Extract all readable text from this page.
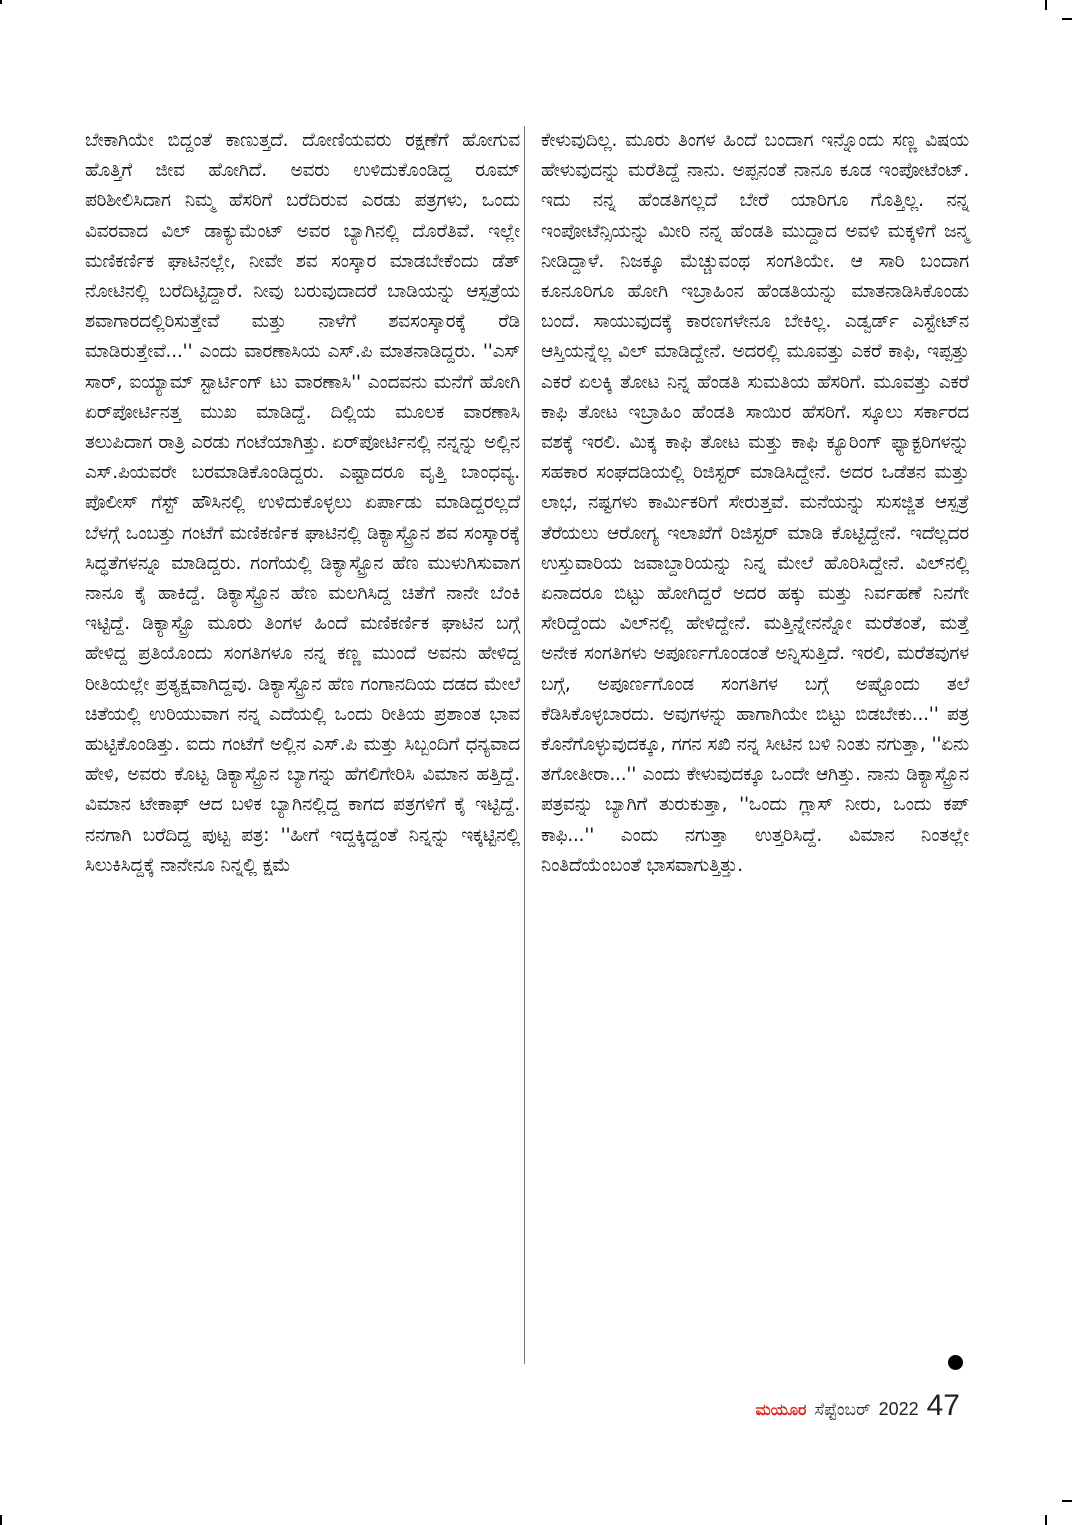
ಬೇಕಾಗಿಯೇ ಬಿದ್ದಂತೆ ಕಾಣುತ್ತದೆ. ದೋಣಿಯವರು ರಕ್ಷಣೆಗೆ ಹೋಗುವ ಹೊತ್ತಿಗೆ ಜೀವ ಹೋಗಿದೆ. ಅವರು ಉಳಿದುಕೊಂಡಿದ್ದ ರೂಮ್ ಪರಿಶೀಲಿಸಿದಾಗ ನಿಮ್ಮ ಹೆಸರಿಗೆ ಬರೆದಿರುವ ಎರಡು ಪತ್ರಗಳು, ಒಂದು ವಿವರವಾದ ವಿಲ್ ಡಾಕ್ಯುಮೆಂಟ್ ಅವರ ಬ್ಯಾಗಿನಲ್ಲಿ ದೊರೆತಿವೆ. ಇಲ್ಲೇ ಮಣಿಕರ್ಣಿಕ ಘಾಟಿನಲ್ಲೇ, ನೀವೇ ಶವ ಸಂಸ್ಕಾರ ಮಾಡಬೇಕೆಂದು ಡೆತ್ ನೋಟಿನಲ್ಲಿ ಬರೆದಿಟ್ಟಿದ್ದಾರೆ. ನೀವು ಬರುವುದಾದರೆ ಬಾಡಿಯನ್ನು ಆಸ್ಪತ್ರೆಯ ಶವಾಗಾರದಲ್ಲಿರಿಸುತ್ತೇವೆ ಮತ್ತು ನಾಳೆಗೆ ಶವಸಂಸ್ಕಾರಕ್ಕೆ ರೆಡಿ ಮಾಡಿರುತ್ತೇವೆ...'' ಎಂದು ವಾರಣಾಸಿಯ ಎಸ್.ಪಿ ಮಾತನಾಡಿದ್ದರು. ''ಎಸ್ ಸಾರ್, ಐಯ್ಯಾಮ್ ಸ್ಟಾರ್ಟಿಂಗ್ ಟು ವಾರಣಾಸಿ'' ಎಂದವನು ಮನೆಗೆ ಹೋಗಿ ಏರ್‌ಪೋರ್ಟಿನತ್ತ ಮುಖ ಮಾಡಿದ್ದೆ. ದಿಲ್ಲಿಯ ಮೂಲಕ ವಾರಣಾಸಿ ತಲುಪಿದಾಗ ರಾತ್ರಿ ಎರಡು ಗಂಟೆಯಾಗಿತ್ತು. ಏರ್‌ಪೋರ್ಟಿನಲ್ಲಿ ನನ್ನನ್ನು ಅಲ್ಲಿನ ಎಸ್.ಪಿಯವರೇ ಬರಮಾಡಿಕೊಂಡಿದ್ದರು. ಎಷ್ಟಾದರೂ ವೃತ್ತಿ ಬಾಂಧವ್ಯ. ಪೊಲೀಸ್ ಗೆಸ್ಟ್ ಹೌಸಿನಲ್ಲಿ ಉಳಿದುಕೊಳ್ಳಲು ಏರ್ಪಾಡು ಮಾಡಿದ್ದರಲ್ಲದೆ ಬೆಳಗ್ಗೆ ಒಂಬತ್ತು ಗಂಟೆಗೆ ಮಣಿಕರ್ಣಿಕ ಘಾಟಿನಲ್ಲಿ ಡಿಕ್ಯಾಸ್ಟ್ರೊನ ಶವ ಸಂಸ್ಕಾರಕ್ಕೆ ಸಿದ್ಧತೆಗಳನ್ನೂ ಮಾಡಿದ್ದರು. ಗಂಗೆಯಲ್ಲಿ ಡಿಕ್ಯಾಸ್ಟ್ರೊನ ಹೆಣ ಮುಳುಗಿಸುವಾಗ ನಾನೂ ಕೈ ಹಾಕಿದ್ದೆ. ಡಿಕ್ಯಾಸ್ಟ್ರೊನ ಹೆಣ ಮಲಗಿಸಿದ್ದ ಚಿತೆಗೆ ನಾನೇ ಬೆಂಕಿ ಇಟ್ಟಿದ್ದೆ. ಡಿಕ್ಯಾಸ್ಟ್ರೊ ಮೂರು ತಿಂಗಳ ಹಿಂದೆ ಮಣಿಕರ್ಣಿಕ ಘಾಟಿನ ಬಗ್ಗೆ ಹೇಳಿದ್ದ ಪ್ರತಿಯೊಂದು ಸಂಗತಿಗಳೂ ನನ್ನ ಕಣ್ಣ ಮುಂದೆ ಅವನು ಹೇಳಿದ್ದ ರೀತಿಯಲ್ಲೇ ಪ್ರತ್ಯಕ್ಷವಾಗಿದ್ದವು. ಡಿಕ್ಯಾಸ್ಟ್ರೊನ ಹೆಣ ಗಂಗಾನದಿಯ ದಡದ ಮೇಲೆ ಚಿತೆಯಲ್ಲಿ ಉರಿಯುವಾಗ ನನ್ನ ಎದೆಯಲ್ಲಿ ಒಂದು ರೀತಿಯ ಪ್ರಶಾಂತ ಭಾವ ಹುಟ್ಟಿಕೊಂಡಿತ್ತು. ಐದು ಗಂಟೆಗೆ ಅಲ್ಲಿನ ಎಸ್.ಪಿ ಮತ್ತು ಸಿಬ್ಬಂದಿಗೆ ಧನ್ಯವಾದ ಹೇಳಿ, ಅವರು ಕೊಟ್ಟ ಡಿಕ್ಯಾಸ್ಟ್ರೊನ ಬ್ಯಾಗನ್ನು ಹೆಗಲಿಗೇರಿಸಿ ವಿಮಾನ ಹತ್ತಿದ್ದೆ. ವಿಮಾನ ಟೇಕಾಫ್ ಆದ ಬಳಿಕ ಬ್ಯಾಗಿನಲ್ಲಿದ್ದ ಕಾಗದ ಪತ್ರಗಳಿಗೆ ಕೈ ಇಟ್ಟಿದ್ದೆ. ನನಗಾಗಿ ಬರೆದಿದ್ದ ಪುಟ್ಟ ಪತ್ರ: ''ಹೀಗೆ ಇದ್ದಕ್ಕಿದ್ದಂತೆ ನಿನ್ನನ್ನು ಇಕ್ಕಟ್ಟಿನಲ್ಲಿ ಸಿಲುಕಿಸಿದ್ದಕ್ಕೆ ನಾನೇನೂ ನಿನ್ನಲ್ಲಿ ಕ್ಷಮೆ

ಕೇಳುವುದಿಲ್ಲ. ಮೂರು ತಿಂಗಳ ಹಿಂದೆ ಬಂದಾಗ ಇನ್ನೊಂದು ಸಣ್ಣ ವಿಷಯ ಹೇಳುವುದನ್ನು ಮರೆತಿದ್ದೆ ನಾನು. ಅಪ್ಪನಂತೆ ನಾನೂ ಕೂಡ ಇಂಪೋಟೆಂಟ್. ಇದು ನನ್ನ ಹೆಂಡತಿಗಲ್ಲದೆ ಬೇರೆ ಯಾರಿಗೂ ಗೊತ್ತಿಲ್ಲ. ನನ್ನ ಇಂಪೋಟೆನ್ಸಿಯನ್ನು ಮೀರಿ ನನ್ನ ಹೆಂಡತಿ ಮುದ್ದಾದ ಅವಳಿ ಮಕ್ಕಳಿಗೆ ಜನ್ಮ ನೀಡಿದ್ದಾಳೆ. ನಿಜಕ್ಕೂ ಮೆಚ್ಚುವಂಥ ಸಂಗತಿಯೇ. ಆ ಸಾರಿ ಬಂದಾಗ ಕೂನೂರಿಗೂ ಹೋಗಿ ಇಬ್ರಾಹಿಂನ ಹೆಂಡತಿಯನ್ನು ಮಾತನಾಡಿಸಿಕೊಂಡು ಬಂದೆ. ಸಾಯುವುದಕ್ಕೆ ಕಾರಣಗಳೇನೂ ಬೇಕಿಲ್ಲ. ಎಡ್ವರ್ಡ್ ಎಸ್ಟೇಟ್‌ನ ಆಸ್ತಿಯನ್ನೆಲ್ಲ ವಿಲ್ ಮಾಡಿದ್ದೇನೆ. ಅದರಲ್ಲಿ ಮೂವತ್ತು ಎಕರೆ ಕಾಫಿ, ಇಪ್ಪತ್ತು ಎಕರೆ ಏಲಕ್ಕಿ ತೋಟ ನಿನ್ನ ಹೆಂಡತಿ ಸುಮತಿಯ ಹೆಸರಿಗೆ. ಮೂವತ್ತು ಎಕರೆ ಕಾಫಿ ತೋಟ ಇಬ್ರಾಹಿಂ ಹೆಂಡತಿ ಸಾಯಿರ ಹೆಸರಿಗೆ. ಸ್ಕೂಲು ಸರ್ಕಾರದ ವಶಕ್ಕೆ ಇರಲಿ. ಮಿಕ್ಕ ಕಾಫಿ ತೋಟ ಮತ್ತು ಕಾಫಿ ಕ್ಯೂರಿಂಗ್ ಫ್ಯಾಕ್ಟರಿಗಳನ್ನು ಸಹಕಾರ ಸಂಘದಡಿಯಲ್ಲಿ ರಿಜಿಸ್ಟರ್ ಮಾಡಿಸಿದ್ದೇನೆ. ಅದರ ಒಡೆತನ ಮತ್ತು ಲಾಭ, ನಷ್ಟಗಳು ಕಾರ್ಮಿಕರಿಗೆ ಸೇರುತ್ತವೆ. ಮನೆಯನ್ನು ಸುಸಜ್ಜಿತ ಆಸ್ಪತ್ರೆ ತೆರೆಯಲು ಆರೋಗ್ಯ ಇಲಾಖೆಗೆ ರಿಜಿಸ್ಟರ್ ಮಾಡಿ ಕೊಟ್ಟಿದ್ದೇನೆ. ಇದೆಲ್ಲದರ ಉಸ್ತುವಾರಿಯ ಜವಾಬ್ದಾರಿಯನ್ನು ನಿನ್ನ ಮೇಲೆ ಹೊರಿಸಿದ್ದೇನೆ. ವಿಲ್‌ನಲ್ಲಿ ಏನಾದರೂ ಬಿಟ್ಟು ಹೋಗಿದ್ದರೆ ಅದರ ಹಕ್ಕು ಮತ್ತು ನಿರ್ವಹಣೆ ನಿನಗೇ ಸೇರಿದ್ದೆಂದು ವಿಲ್‌ನಲ್ಲಿ ಹೇಳಿದ್ದೇನೆ. ಮತ್ತಿನ್ನೇನನ್ನೋ ಮರೆತಂತೆ, ಮತ್ತೆ ಅನೇಕ ಸಂಗತಿಗಳು ಅಪೂರ್ಣಗೊಂಡಂತೆ ಅನ್ನಿಸುತ್ತಿದೆ. ಇರಲಿ, ಮರೆತವುಗಳ ಬಗ್ಗೆ, ಅಪೂರ್ಣಗೊಂಡ ಸಂಗತಿಗಳ ಬಗ್ಗೆ ಅಷ್ಟೊಂದು ತಲೆ ಕೆಡಿಸಿಕೊಳ್ಳಬಾರದು. ಅವುಗಳನ್ನು ಹಾಗಾಗಿಯೇ ಬಿಟ್ಟು ಬಿಡಬೇಕು...'' ಪತ್ರ ಕೊನೆಗೊಳ್ಳುವುದಕ್ಕೂ, ಗಗನ ಸಖಿ ನನ್ನ ಸೀಟಿನ ಬಳಿ ನಿಂತು ನಗುತ್ತಾ, ''ಏನು ತಗೋತೀರಾ...'' ಎಂದು ಕೇಳುವುದಕ್ಕೂ ಒಂದೇ ಆಗಿತ್ತು. ನಾನು ಡಿಕ್ಯಾಸ್ಟ್ರೊನ ಪತ್ರವನ್ನು ಬ್ಯಾಗಿಗೆ ತುರುಕುತ್ತಾ, ''ಒಂದು ಗ್ಲಾಸ್ ನೀರು, ಒಂದು ಕಪ್ ಕಾಫಿ...'' ಎಂದು ನಗುತ್ತಾ ಉತ್ತರಿಸಿದ್ದೆ. ವಿಮಾನ ನಿಂತಲ್ಲೇ ನಿಂತಿದೆಯೆಂಬಂತೆ ಭಾಸವಾಗುತ್ತಿತ್ತು.

ಮಯೂರ ಸೆಪ್ಟೆಂಬರ್ 2022 47
